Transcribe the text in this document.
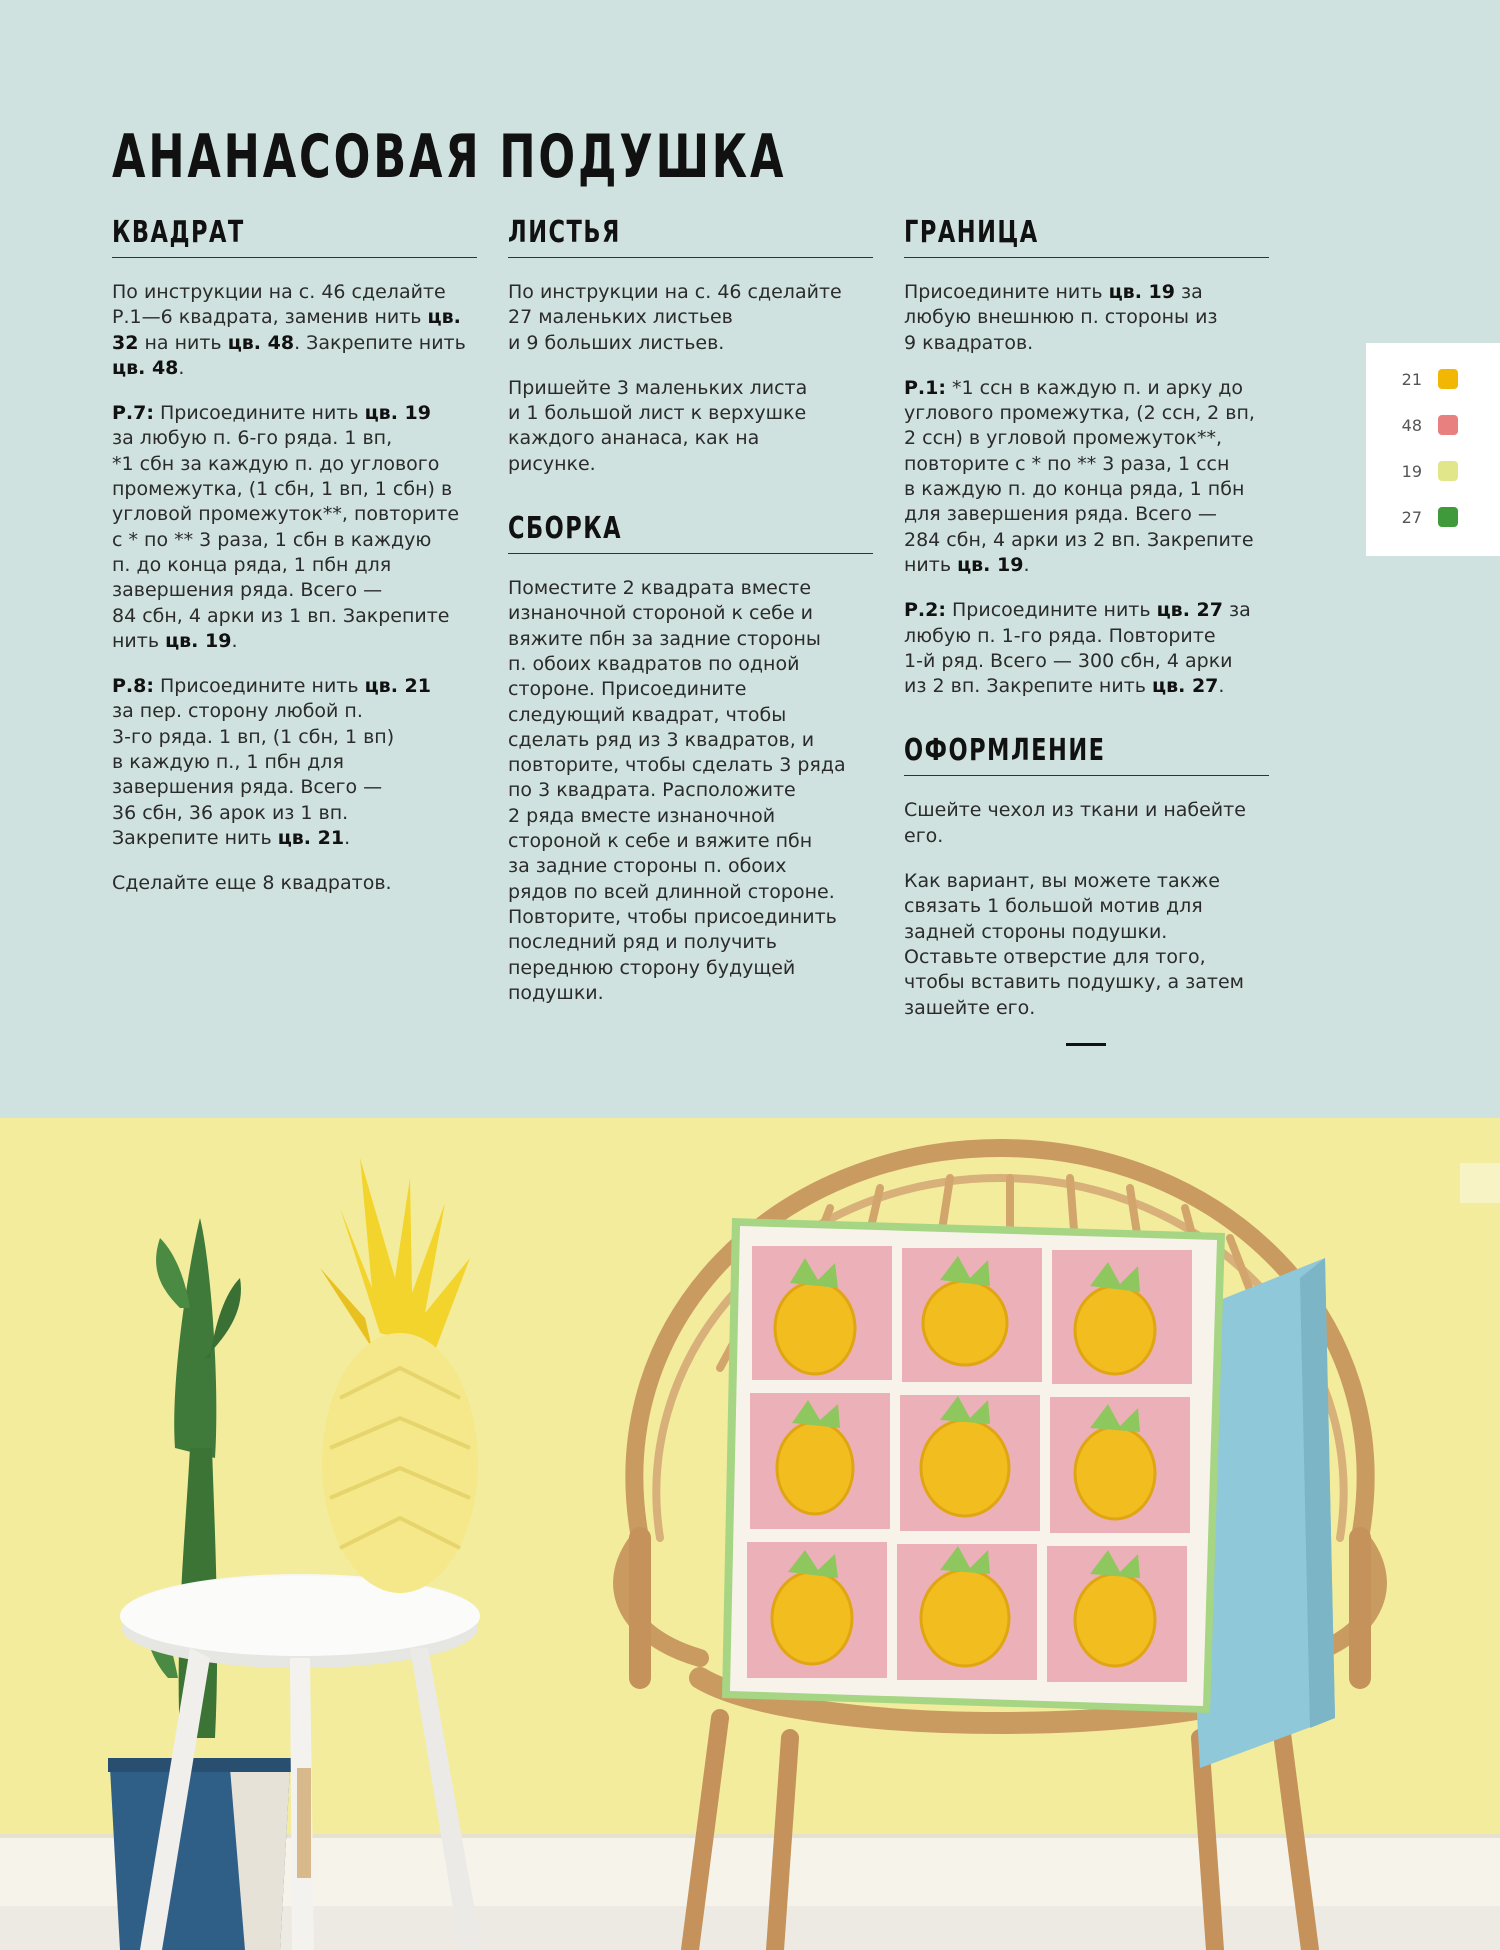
АНАНАСОВАЯ ПОДУШКА
КВАДРАТ

По инструкции на с. 46 сделайте
Р.1—6 квадрата, заменив нить цв.
32 на нить цв. 48. Закрепите нить
цв. 48.

Р.7: Присоедините нить цв. 19
за любую п. 6-го ряда. 1 вп,
*1 сбн за каждую п. до углового
промежутка, (1 сбн, 1 вп, 1 сбн) в
угловой промежуток**, повторите
с * по ** 3 раза, 1 сбн в каждую
п. до конца ряда, 1 пбн для
завершения ряда. Всего —
84 сбн, 4 арки из 1 вп. Закрепите
нить цв. 19.

Р.8: Присоедините нить цв. 21
за пер. сторону любой п.
3-го ряда. 1 вп, (1 сбн, 1 вп)
в каждую п., 1 пбн для
завершения ряда. Всего —
36 сбн, 36 арок из 1 вп.
Закрепите нить цв. 21.

Сделайте еще 8 квадратов.

ЛИСТЬЯ

По инструкции на с. 46 сделайте
27 маленьких листьев
и 9 больших листьев.

Пришейте 3 маленьких листа
и 1 большой лист к верхушке
каждого ананаса, как на
рисунке.

СБОРКА

Поместите 2 квадрата вместе
изнаночной стороной к себе и
вяжите пбн за задние стороны
п. обоих квадратов по одной
стороне. Присоедините
следующий квадрат, чтобы
сделать ряд из 3 квадратов, и
повторите, чтобы сделать 3 ряда
по 3 квадрата. Расположите
2 ряда вместе изнаночной
стороной к себе и вяжите пбн
за задние стороны п. обоих
рядов по всей длинной стороне.
Повторите, чтобы присоединить
последний ряд и получить
переднюю сторону будущей
подушки.

ГРАНИЦА

Присоедините нить цв. 19 за
любую внешнюю п. стороны из
9 квадратов.

Р.1: *1 ссн в каждую п. и арку до
углового промежутка, (2 ссн, 2 вп,
2 ссн) в угловой промежуток**,
повторите с * по ** 3 раза, 1 ссн
в каждую п. до конца ряда, 1 пбн
для завершения ряда. Всего —
284 сбн, 4 арки из 2 вп. Закрепите
нить цв. 19.

Р.2: Присоедините нить цв. 27 за
любую п. 1-го ряда. Повторите
1-й ряд. Всего — 300 сбн, 4 арки
из 2 вп. Закрепите нить цв. 27.

ОФОРМЛЕНИЕ

Сшейте чехол из ткани и набейте
его.

Как вариант, вы можете также
связать 1 большой мотив для
задней стороны подушки.
Оставьте отверстие для того,
чтобы вставить подушку, а затем
зашейте его.

21
48
19
27
